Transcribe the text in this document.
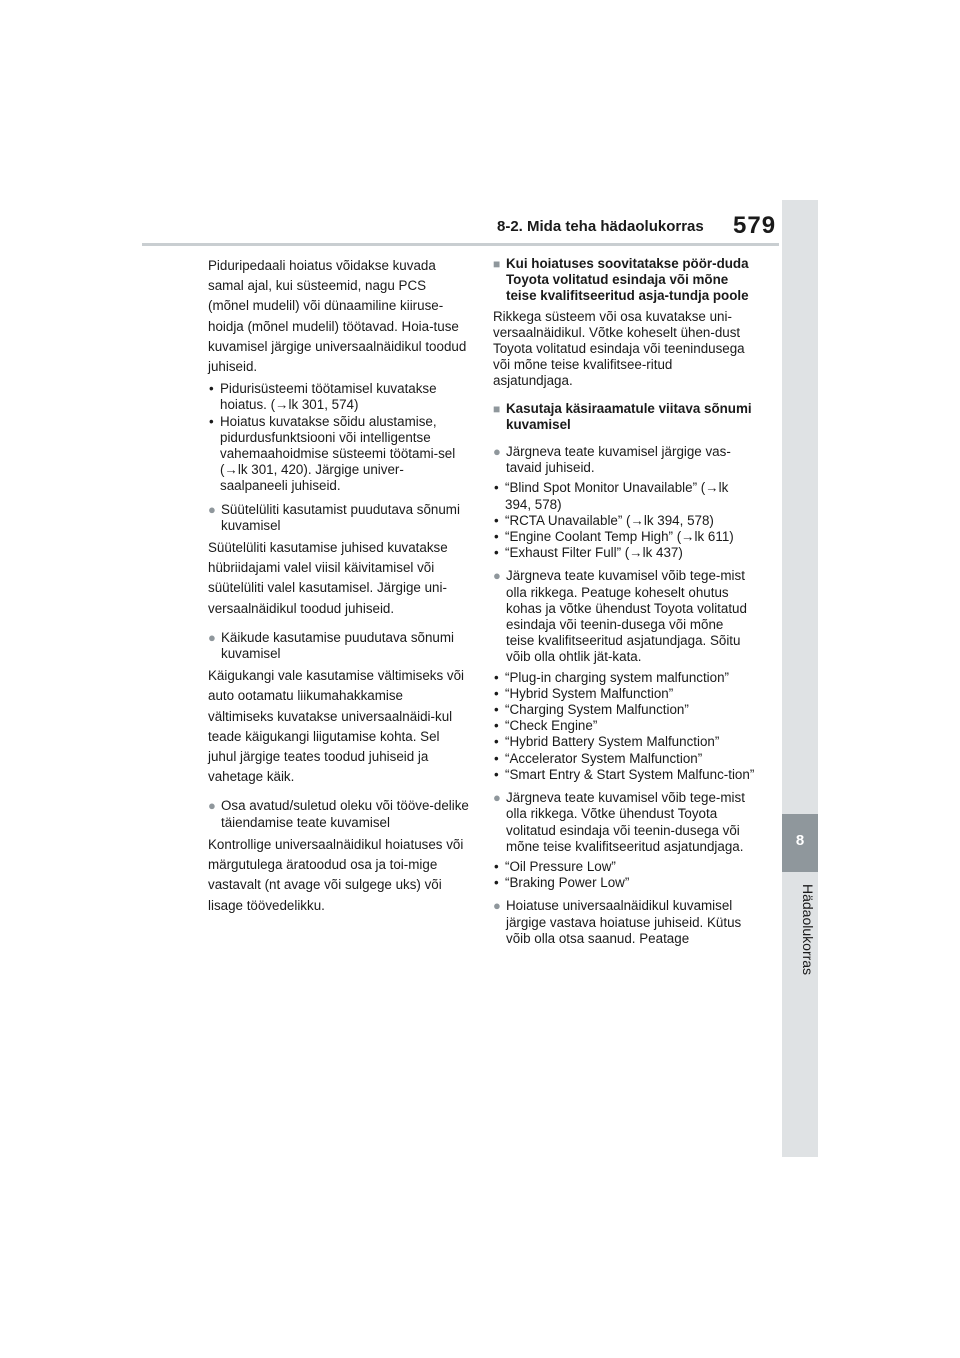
8
Hädaolukorras
8-2. Mida teha hädaolukorras 579

Piduripedaali hoiatus võidakse kuvada samal ajal, kui süsteemid, nagu PCS (mõnel mudelil) või dünaamiline kiiruse-hoidja (mõnel mudelil) töötavad. Hoia-tuse kuvamisel järgige universaalnäidikul toodud juhiseid.

• Pidurisüsteemi töötamisel kuvatakse hoiatus. (→lk 301, 574)

• Hoiatus kuvatakse sõidu alustamise, pidurdusfunktsiooni või intelligentse vahemaahoidmise süsteemi töötami-sel (→lk 301, 420). Järgige univer-saalpaneeli juhiseid.

● Süütelüliti kasutamist puudutava sõnumi kuvamisel

Süütelüliti kasutamise juhised kuvatakse hübriidajami valel viisil käivitamisel või süütelüliti valel kasutamisel. Järgige uni-versaalnäidikul toodud juhiseid.

● Käikude kasutamise puudutava sõnumi kuvamisel

Käigukangi vale kasutamise vältimiseks või auto ootamatu liikumahakkamise vältimiseks kuvatakse universaalnäidi-kul teade käigukangi liigutamise kohta. Sel juhul järgige teates toodud juhiseid ja vahetage käik.

● Osa avatud/suletud oleku või tööve-delike täiendamise teate kuvamisel

Kontrollige universaalnäidikul hoiatuses või märgutulega äratoodud osa ja toi-mige vastavalt (nt avage või sulgege uks) või lisage töövedelikku.

■ Kui hoiatuses soovitatakse pöör-duda Toyota volitatud esindaja või mõne teise kvalifitseeritud asja-tundja poole

Rikkega süsteem või osa kuvatakse uni-versaalnäidikul. Võtke koheselt ühen-dust Toyota volitatud esindaja või teenindusega või mõne teise kvalifitsee-ritud asjatundjaga.

■ Kasutaja käsiraamatule viitava sõnumi kuvamisel
● Järgneva teate kuvamisel järgige vas-tavaid juhiseid.

• “Blind Spot Monitor Unavailable” (→lk 394, 578)

• “RCTA Unavailable” (→lk 394, 578)

• “Engine Coolant Temp High” (→lk 611)

• “Exhaust Filter Full” (→lk 437)

● Järgneva teate kuvamisel võib tege-mist olla rikkega. Peatuge koheselt ohutus kohas ja võtke ühendust Toyota volitatud esindaja või teenin-dusega või mõne teise kvalifitseeritud asjatundjaga. Sõitu võib olla ohtlik jät-kata.

• “Plug-in charging system malfunction”

• “Hybrid System Malfunction”

• “Charging System Malfunction”

• “Check Engine”

• “Hybrid Battery System Malfunction”

• “Accelerator System Malfunction”

• “Smart Entry & Start System Malfunc-tion”

● Järgneva teate kuvamisel võib tege-mist olla rikkega. Võtke ühendust Toyota volitatud esindaja või teenin-dusega või mõne teise kvalifitseeritud asjatundjaga.

• “Oil Pressure Low”

• “Braking Power Low”

● Hoiatuse universaalnäidikul kuvamisel järgige vastava hoiatuse juhiseid. Kütus võib olla otsa saanud. Peatage
